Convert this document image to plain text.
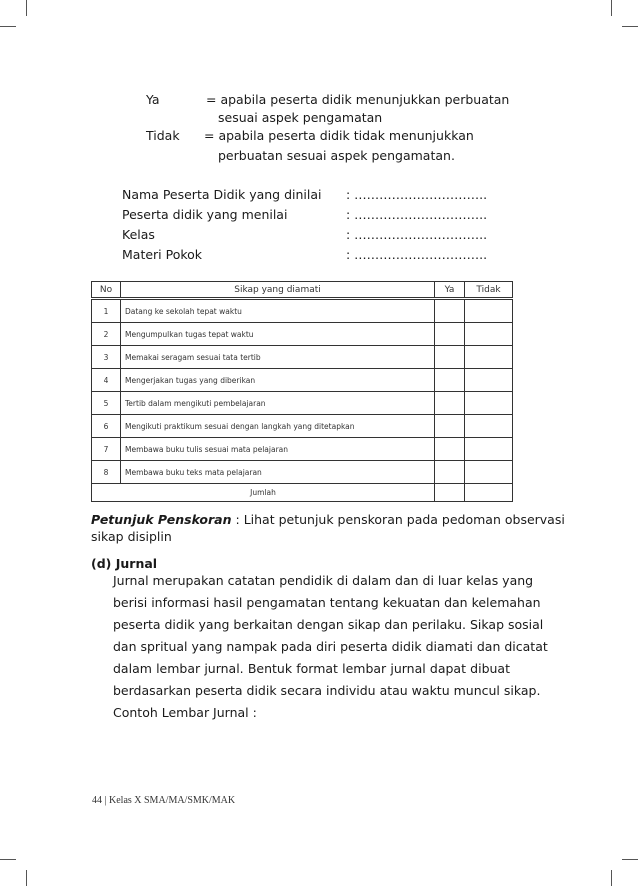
Ya	= apabila peserta didik menunjukkan perbuatan
sesuai aspek pengamatan
Tidak = apabila peserta didik tidak menunjukkan
perbuatan sesuai aspek pengamatan.
Nama Peserta Didik yang dinilai : …………………………..
Peserta didik yang menilai	: …………………………..
Kelas	: …………………………..
Materi Pokok	: …………………………..
No	Sikap yang diamati	Ya	Tidak

1	Datang ke sekolah tepat waktu		
2	Mengumpulkan tugas tepat waktu		
3	Memakai seragam sesuai tata tertib		
4	Mengerjakan tugas yang diberikan		
5	Tertib dalam mengikuti pembelajaran		
6	Mengikuti praktikum sesuai dengan langkah yang ditetapkan		
7	Membawa buku tulis sesuai mata pelajaran		
8	Membawa buku teks mata pelajaran		
Jumlah			
Petunjuk Penskoran : Lihat petunjuk penskoran pada pedoman observasi
sikap disiplin
(d) Jurnal
Jurnal merupakan catatan pendidik di dalam dan di luar kelas yang
berisi informasi hasil pengamatan tentang kekuatan dan kelemahan
peserta didik yang berkaitan dengan sikap dan perilaku. Sikap sosial
dan spritual yang nampak pada diri peserta didik diamati dan dicatat
dalam lembar jurnal. Bentuk format lembar jurnal dapat dibuat
berdasarkan peserta didik secara individu atau waktu muncul sikap.
Contoh Lembar Jurnal :
44 | Kelas X SMA/MA/SMK/MAK
